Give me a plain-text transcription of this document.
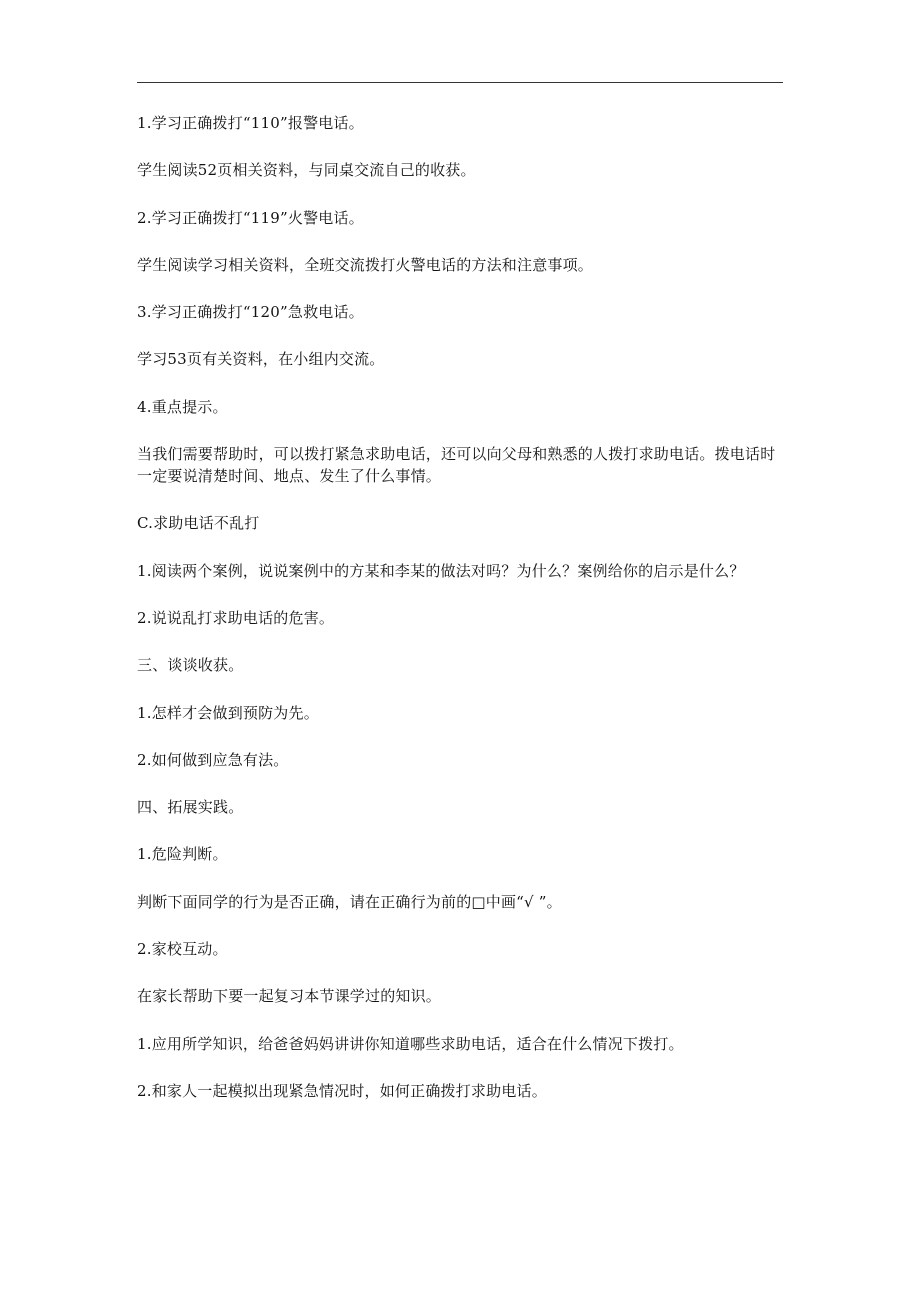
1.学习正确拨打“110”报警电话。

学生阅读52页相关资料，与同桌交流自己的收获。

2.学习正确拨打“119”火警电话。

学生阅读学习相关资料，全班交流拨打火警电话的方法和注意事项。

3.学习正确拨打“120”急救电话。

学习53页有关资料，在小组内交流。

4.重点提示。

当我们需要帮助时，可以拨打紧急求助电话，还可以向父母和熟悉的人拨打求助电话。拨电话时一定要说清楚时间、地点、发生了什么事情。

C.求助电话不乱打

1.阅读两个案例，说说案例中的方某和李某的做法对吗？为什么？案例给你的启示是什么？

2.说说乱打求助电话的危害。

三、谈谈收获。

1.怎样才会做到预防为先。

2.如何做到应急有法。

四、拓展实践。

1.危险判断。

判断下面同学的行为是否正确，请在正确行为前的□中画“√ ”。

2.家校互动。

在家长帮助下要一起复习本节课学过的知识。

1.应用所学知识，给爸爸妈妈讲讲你知道哪些求助电话，适合在什么情况下拨打。

2.和家人一起模拟出现紧急情况时，如何正确拨打求助电话。
